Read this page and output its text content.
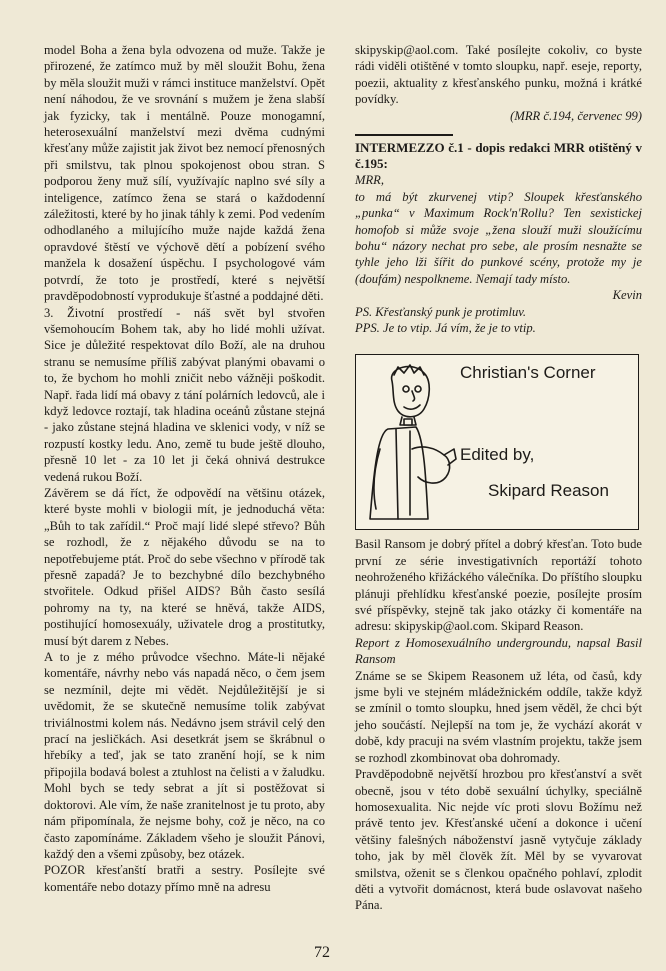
model Boha a žena byla odvozena od muže. Takže je přirozené, že zatímco muž by měl sloužit Bohu, žena by měla sloužit muži v rámci instituce manželství. Opět není náhodou, že ve srovnání s mužem je žena slabší jak fyzicky, tak i mentálně. Pouze monogamní, heterosexuální manželství mezi dvěma cudnými křesťany může zajistit jak život bez nemocí přenosných při smilstvu, tak plnou spokojenost obou stran. S podporou ženy muž sílí, využívajíc naplno své síly a inteligence, zatímco žena se stará o každodenní záležitosti, které by ho jinak táhly k zemi. Pod vedením odhodlaného a milujícího muže najde každá žena opravdové štěstí ve výchově dětí a pobízení svého manžela k dosažení úspěchu. I psychologové vám potvrdí, že toto je prostředí, které s největší pravděpodobností vyprodukuje šťastné a poddajné děti.

3. Životní prostředí - náš svět byl stvořen všemohoucím Bohem tak, aby ho lidé mohli užívat. Sice je důležité respektovat dílo Boží, ale na druhou stranu se nemusíme příliš zabývat planými obavami o to, že bychom ho mohli zničit nebo vážněji poškodit. Např. řada lidí má obavy z tání polárních ledovců, ale i když ledovce roztají, tak hladina oceánů zůstane stejná - jako zůstane stejná hladina ve sklenici vody, v níž se rozpustí kostky ledu. Ano, země tu bude ještě dlouho, přesně 10 let - za 10 let ji čeká ohnivá destrukce vedená rukou Boží.

Závěrem se dá říct, že odpovědí na většinu otázek, které byste mohli v biologii mít, je jednoduchá věta: „Bůh to tak zařídil.“ Proč mají lidé slepé střevo? Bůh se rozhodl, že z nějakého důvodu se na to nepotřebujeme ptát. Proč do sebe všechno v přírodě tak přesně zapadá? Je to bezchybné dílo bezchybného stvořitele. Odkud přišel AIDS? Bůh často sesílá pohromy na ty, na které se hněvá, takže AIDS, postihující homosexuály, uživatele drog a prostitutky, musí být darem z Nebes.

A to je z mého průvodce všechno. Máte-li nějaké komentáře, návrhy nebo vás napadá něco, o čem jsem se nezmínil, dejte mi vědět. Nejdůležitější je si uvědomit, že se skutečně nemusíme tolik zabývat triviálnostmi kolem nás. Nedávno jsem strávil celý den prací na jesličkách. Asi desetkrát jsem se škrábnul o hřebíky a teď, jak se tato zranění hojí, se k nim připojila bodavá bolest a ztuhlost na čelisti a v žaludku. Mohl bych se tedy sebrat a jít si postěžovat si doktorovi. Ale vím, že naše zranitelnost je tu proto, aby nám připomínala, že nejsme bohy, což je něco, na co často zapomínáme. Základem všeho je sloužit Pánovi, každý den a všemi způsoby, bez otázek.

POZOR křesťanští bratři a sestry. Posílejte své komentáře nebo dotazy přímo mně na adresu

skipyskip@aol.com. Také posílejte cokoliv, co byste rádi viděli otištěné v tomto sloupku, např. eseje, reporty, poezii, aktuality z křesťanského punku, možná i krátké povídky.

(MRR č.194, červenec 99)

INTERMEZZO č.1 - dopis redakci MRR otištěný v č.195:

MRR,

to má být zkurvenej vtip? Sloupek křesťanského „punka“ v Maximum Rock'n'Rollu? Ten sexistickej homofob si může svoje „žena slouží muži sloužícímu bohu“ názory nechat pro sebe, ale prosím nesnažte se tyhle jeho lži šířit do punkové scény, protože my je (doufám) nespolkneme. Nemají tady místo.

Kevin

PS. Křesťanský punk je protimluv.

PPS. Je to vtip. Já vím, že je to vtip.

Christian's Corner
Edited by,
Skipard Reason

Basil Ransom je dobrý přítel a dobrý křesťan. Toto bude první ze série investigativních reportáží tohoto neohroženého křižáckého válečníka. Do příštího sloupku plánuji přehlídku křesťanské poezie, posílejte prosím své příspěvky, stejně tak jako otázky či komentáře na adresu: skipyskip@aol.com. Skipard Reason.

Report z Homosexuálního undergroundu, napsal Basil Ransom

Známe se se Skipem Reasonem už léta, od časů, kdy jsme byli ve stejném mládežnickém oddíle, takže když se zmínil o tomto sloupku, hned jsem věděl, že chci být jeho součástí. Nejlepší na tom je, že vychází akorát v době, kdy pracuji na svém vlastním projektu, takže jsem se rozhodl zkombinovat oba dohromady.

Pravděpodobně největší hrozbou pro křesťanství a svět obecně, jsou v této době sexuální úchylky, speciálně homosexualita. Nic nejde víc proti slovu Božímu než právě tento jev. Křesťanské učení a dokonce i učení většiny falešných náboženství jasně vytyčuje základy toho, jak by měl člověk žít. Měl by se vyvarovat smilstva, oženit se s členkou opačného pohlaví, zplodit děti a vytvořit domácnost, která bude oslavovat našeho Pána.

72
